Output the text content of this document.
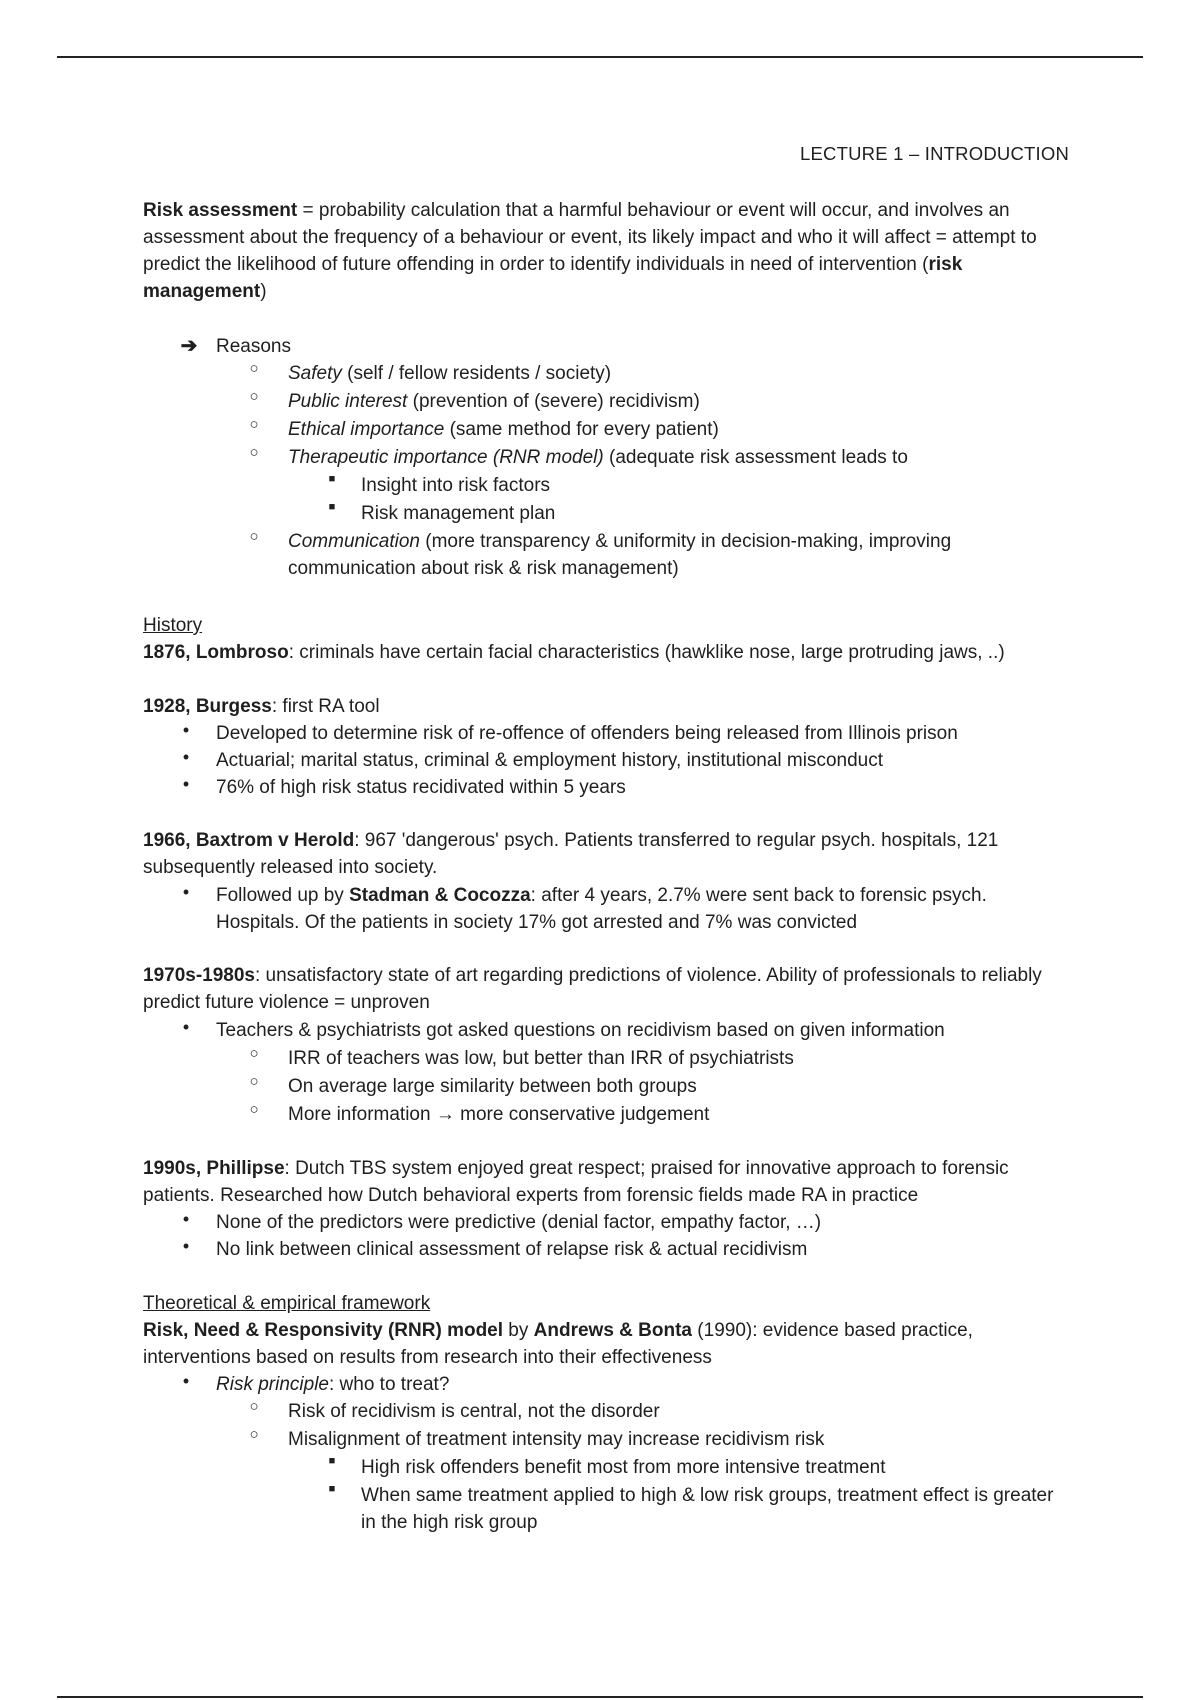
LECTURE 1 – INTRODUCTION
Risk assessment = probability calculation that a harmful behaviour or event will occur, and involves an assessment about the frequency of a behaviour or event, its likely impact and who it will affect = attempt to predict the likelihood of future offending in order to identify individuals in need of intervention (risk management)
➔ Reasons
○ Safety (self / fellow residents / society)
○ Public interest (prevention of (severe) recidivism)
○ Ethical importance (same method for every patient)
○ Therapeutic importance (RNR model) (adequate risk assessment leads to
■ Insight into risk factors
■ Risk management plan
○ Communication (more transparency & uniformity in decision-making, improving communication about risk & risk management)
History
1876, Lombroso: criminals have certain facial characteristics (hawklike nose, large protruding jaws, ..)
1928, Burgess: first RA tool
• Developed to determine risk of re-offence of offenders being released from Illinois prison
• Actuarial; marital status, criminal & employment history, institutional misconduct
• 76% of high risk status recidivated within 5 years
1966, Baxtrom v Herold: 967 'dangerous' psych. Patients transferred to regular psych. hospitals, 121 subsequently released into society.
• Followed up by Stadman & Cocozza: after 4 years, 2.7% were sent back to forensic psych. Hospitals. Of the patients in society 17% got arrested and 7% was convicted
1970s-1980s: unsatisfactory state of art regarding predictions of violence. Ability of professionals to reliably predict future violence = unproven
• Teachers & psychiatrists got asked questions on recidivism based on given information
○ IRR of teachers was low, but better than IRR of psychiatrists
○ On average large similarity between both groups
○ More information → more conservative judgement
1990s, Phillipse: Dutch TBS system enjoyed great respect; praised for innovative approach to forensic patients. Researched how Dutch behavioral experts from forensic fields made RA in practice
• None of the predictors were predictive (denial factor, empathy factor, …)
• No link between clinical assessment of relapse risk & actual recidivism
Theoretical & empirical framework
Risk, Need & Responsivity (RNR) model by Andrews & Bonta (1990): evidence based practice, interventions based on results from research into their effectiveness
• Risk principle: who to treat?
○ Risk of recidivism is central, not the disorder
○ Misalignment of treatment intensity may increase recidivism risk
■ High risk offenders benefit most from more intensive treatment
■ When same treatment applied to high & low risk groups, treatment effect is greater in the high risk group
